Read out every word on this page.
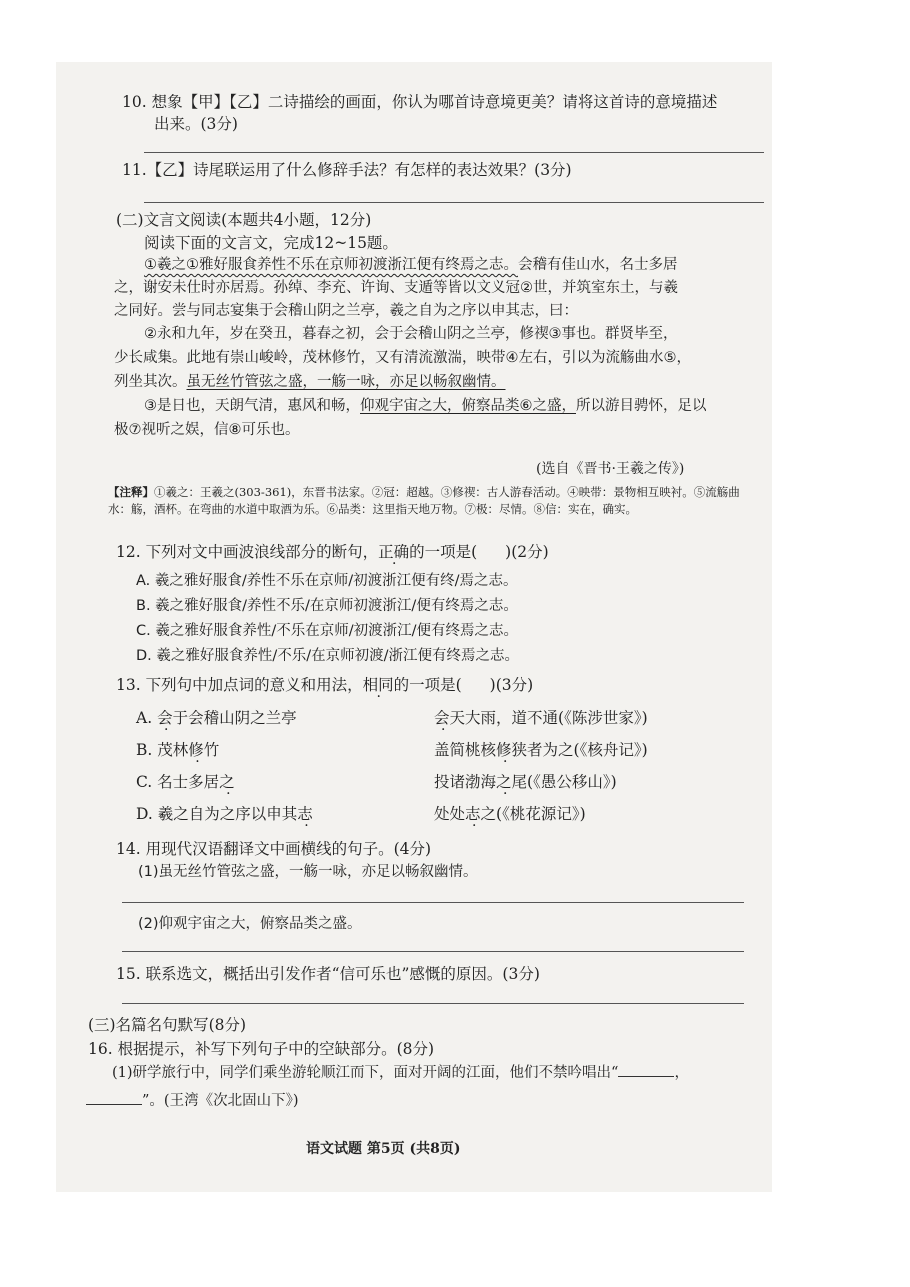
10. 想象【甲】【乙】二诗描绘的画面，你认为哪首诗意境更美？请将这首诗的意境描述
出来。(3分)
11.【乙】诗尾联运用了什么修辞手法？有怎样的表达效果？(3分)
(二)文言文阅读(本题共4小题，12分)
阅读下面的文言文，完成12~15题。
①羲之①雅好服食养性不乐在京师初渡浙江便有终焉之志。会稽有佳山水，名士多居
之，谢安未仕时亦居焉。孙绰、李充、许询、支遁等皆以文义冠②世，并筑室东土，与羲
之同好。尝与同志宴集于会稽山阴之兰亭，羲之自为之序以申其志，曰：
②永和九年，岁在癸丑，暮春之初，会于会稽山阴之兰亭，修禊③事也。群贤毕至，
少长咸集。此地有崇山峻岭，茂林修竹，又有清流激湍，映带④左右，引以为流觞曲水⑤，
列坐其次。虽无丝竹管弦之盛，一觞一咏，亦足以畅叙幽情。
③是日也，天朗气清，惠风和畅，仰观宇宙之大，俯察品类⑥之盛，所以游目骋怀，足以
极⑦视听之娱，信⑧可乐也。
(选自《晋书·王羲之传》)
【注释】①羲之：王羲之(303-361)，东晋书法家。②冠：超越。③修禊：古人游春活动。④映带：景物相互映衬。⑤流觞曲水：觞，酒杯。在弯曲的水道中取酒为乐。⑥品类：这里指天地万物。⑦极：尽情。⑧信：实在，确实。
12. 下列对文中画波浪线部分的断句，正确的一项是( )(2分)
A. 羲之雅好服食/养性不乐在京师/初渡浙江便有终/焉之志。
B. 羲之雅好服食/养性不乐/在京师初渡浙江/便有终焉之志。
C. 羲之雅好服食养性/不乐在京师/初渡浙江/便有终焉之志。
D. 羲之雅好服食养性/不乐/在京师初渡/浙江便有终焉之志。
13. 下列句中加点词的意义和用法，相同的一项是( )(3分)
A. 会于会稽山阴之兰亭	会天大雨，道不通(《陈涉世家》)
B. 茂林修竹	盖简桃核修狭者为之(《核舟记》)
C. 名士多居之	投诸渤海之尾(《愚公移山》)
D. 羲之自为之序以申其志	处处志之(《桃花源记》)
14. 用现代汉语翻译文中画横线的句子。(4分)
(1)虽无丝竹管弦之盛，一觞一咏，亦足以畅叙幽情。
(2)仰观宇宙之大，俯察品类之盛。
15. 联系选文，概括出引发作者“信可乐也”感慨的原因。(3分)
(三)名篇名句默写(8分)
16. 根据提示，补写下列句子中的空缺部分。(8分)
(1)研学旅行中，同学们乘坐游轮顺江而下，面对开阔的江面，他们不禁吟唱出“	，
”。(王湾《次北固山下》)
语文试题 第5页 (共8页)
